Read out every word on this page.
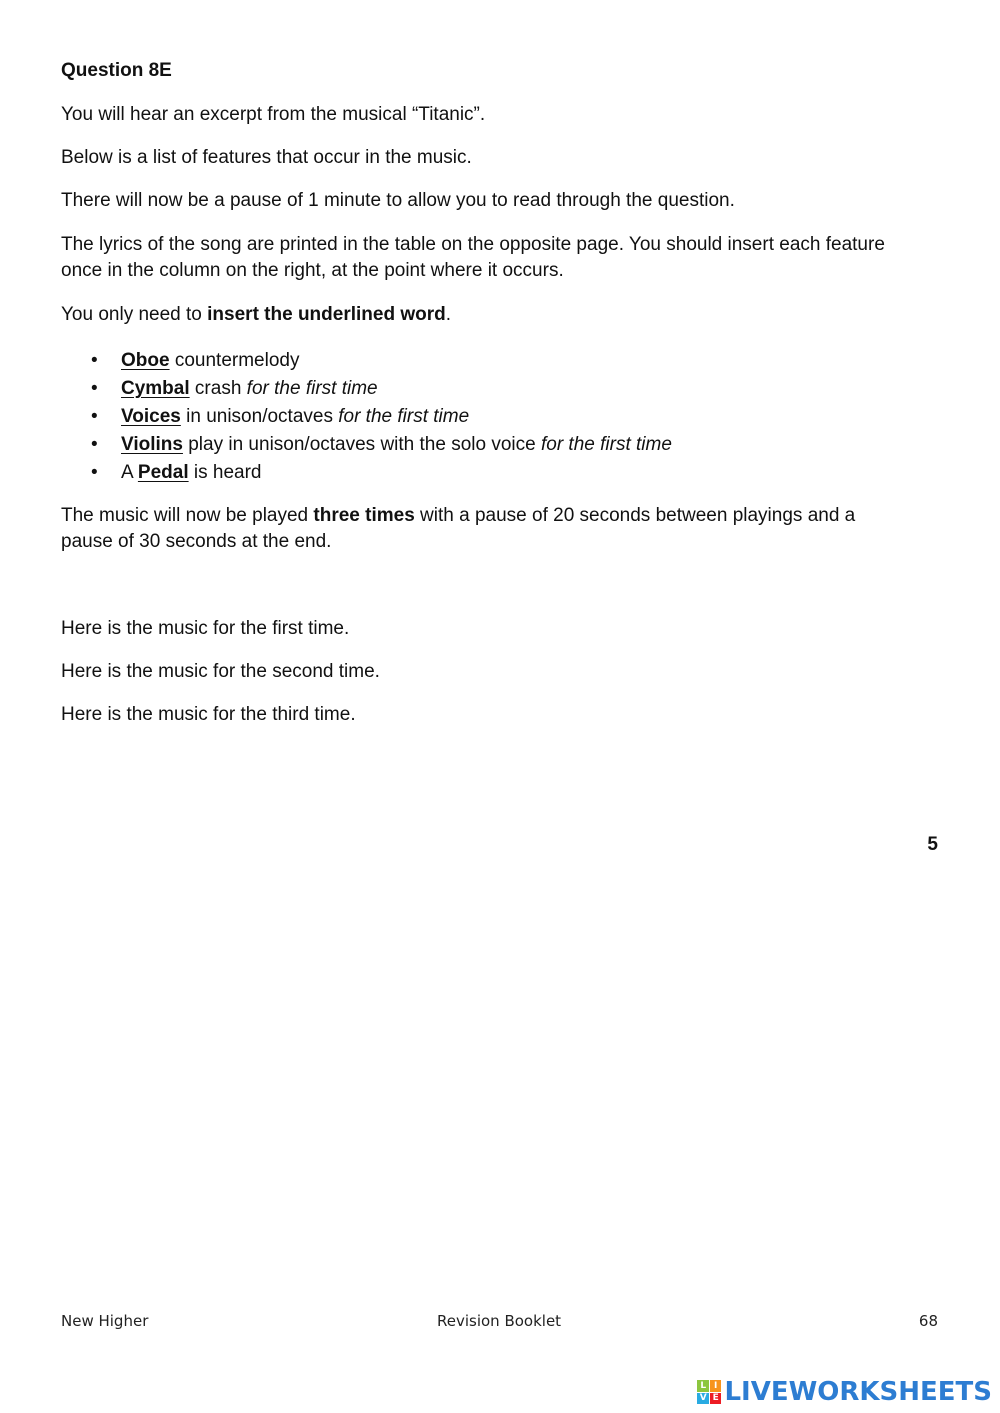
Question 8E

You will hear an excerpt from the musical “Titanic”.

Below is a list of features that occur in the music.

There will now be a pause of 1 minute to allow you to read through the question.

The lyrics of the song are printed in the table on the opposite page. You should insert each feature

once in the column on the right, at the point where it occurs.

You only need to insert the underlined word.

• Oboe countermelody
• Cymbal crash for the first time
• Voices in unison/octaves for the first time
• Violins play in unison/octaves with the solo voice for the first time
• A Pedal is heard

The music will now be played three times with a pause of 20 seconds between playings and a

pause of 30 seconds at the end.

Here is the music for the first time.

Here is the music for the second time.

Here is the music for the third time.

5
New Higher	Revision Booklet	68
L I
V E LIVEWORKSHEETS
